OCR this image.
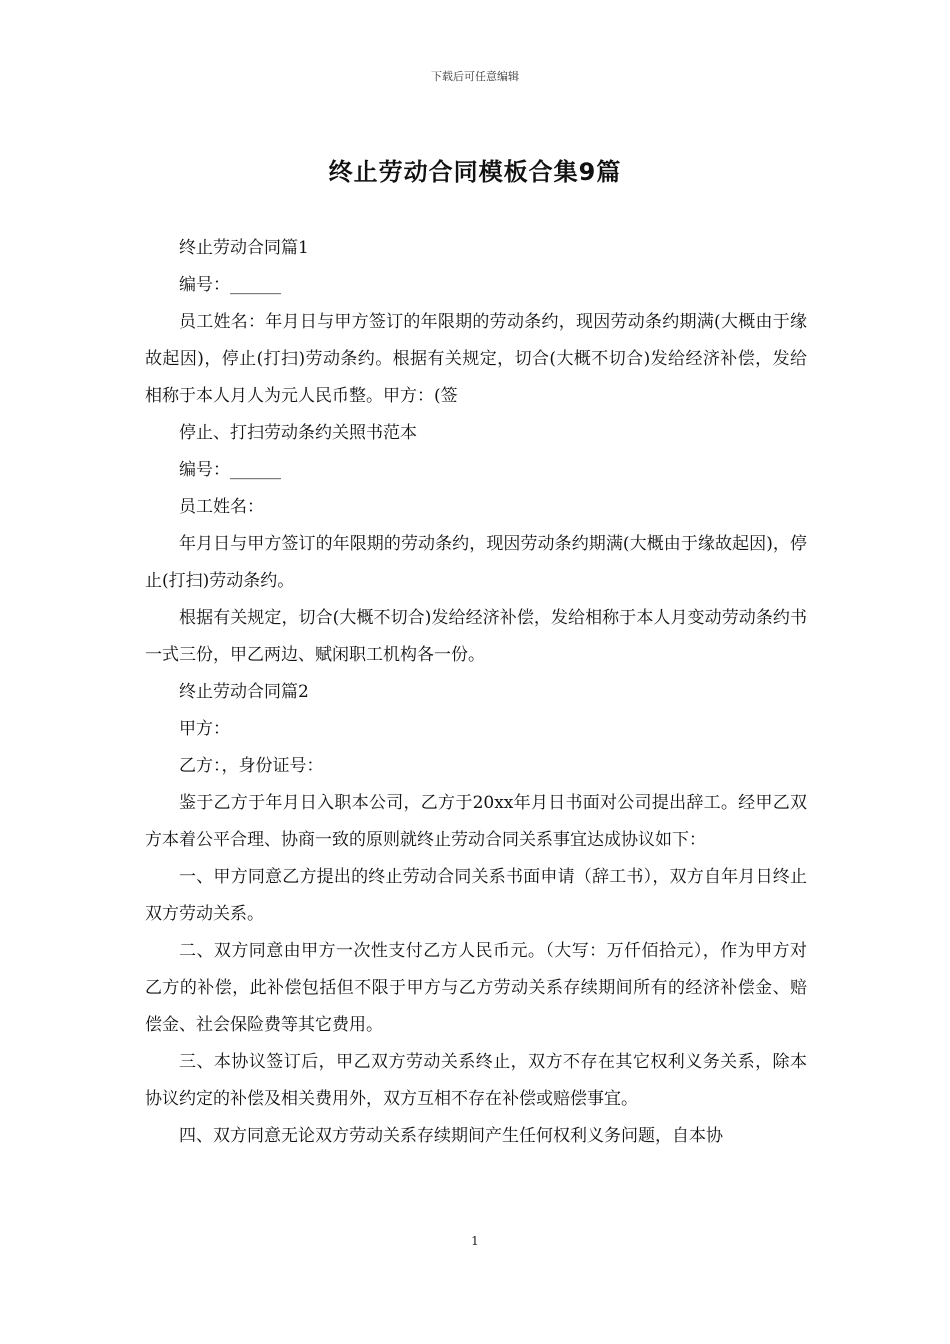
下载后可任意编辑
终止劳动合同模板合集9篇

终止劳动合同篇1

编号：______

员工姓名：年月日与甲方签订的年限期的劳动条约，现因劳动条约期满(大概由于缘故起因)，停止(打扫)劳动条约。根据有关规定，切合(大概不切合)发给经济补偿，发给相称于本人月人为元人民币整。甲方：(签

停止、打扫劳动条约关照书范本

编号：______

员工姓名：

年月日与甲方签订的年限期的劳动条约，现因劳动条约期满(大概由于缘故起因)，停止(打扫)劳动条约。

根据有关规定，切合(大概不切合)发给经济补偿，发给相称于本人月变动劳动条约书一式三份，甲乙两边、赋闲职工机构各一份。

终止劳动合同篇2

甲方：

乙方：，身份证号：

鉴于乙方于年月日入职本公司，乙方于20xx年月日书面对公司提出辞工。经甲乙双方本着公平合理、协商一致的原则就终止劳动合同关系事宜达成协议如下：

一、甲方同意乙方提出的终止劳动合同关系书面申请（辞工书），双方自年月日终止双方劳动关系。

二、双方同意由甲方一次性支付乙方人民币元。（大写：万仟佰拾元），作为甲方对乙方的补偿，此补偿包括但不限于甲方与乙方劳动关系存续期间所有的经济补偿金、赔偿金、社会保险费等其它费用。

三、本协议签订后，甲乙双方劳动关系终止，双方不存在其它权利义务关系，除本协议约定的补偿及相关费用外，双方互相不存在补偿或赔偿事宜。

四、双方同意无论双方劳动关系存续期间产生任何权利义务问题，自本协

1
